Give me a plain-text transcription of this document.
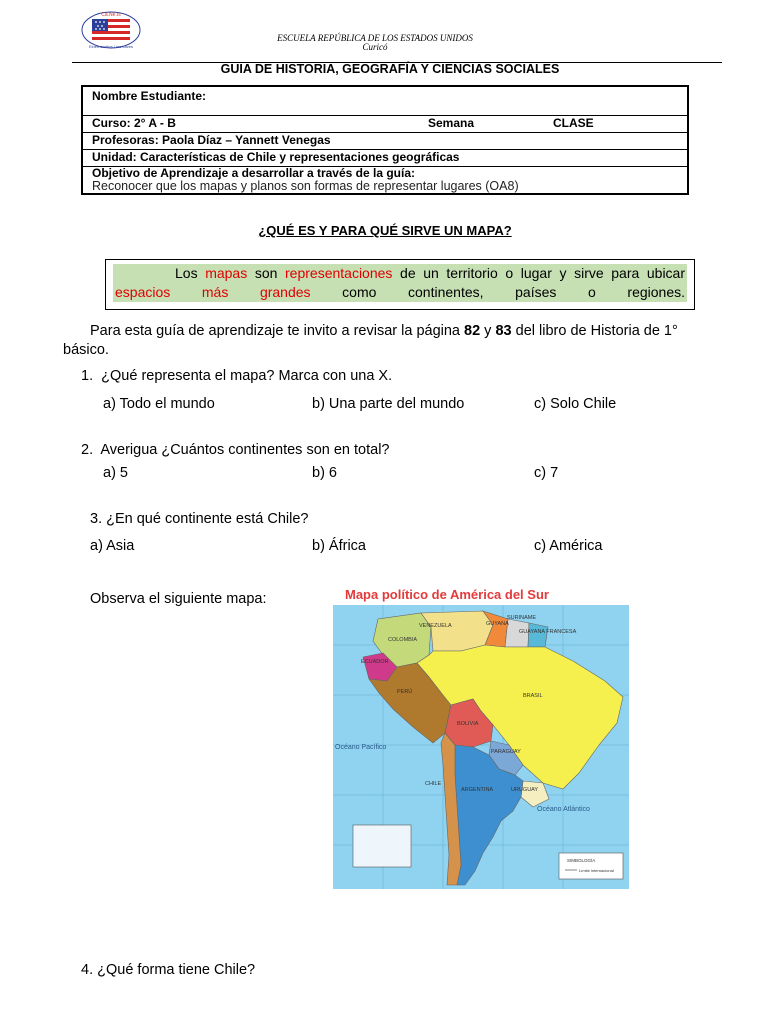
Ca.Ne.Is
Eines sueltos Lies Laves
ESCUELA REPÚBLICA DE LOS ESTADOS UNIDOS
Curicó
GUIA DE HISTORIA, GEOGRAFÍA Y CIENCIAS SOCIALES
Nombre Estudiante:
Curso: 2° A - B	Semana	CLASE
Profesoras: Paola Díaz – Yannett Venegas
Unidad: Características de Chile y representaciones geográficas
Objetivo de Aprendizaje a desarrollar a través de la guía:
Reconocer que los mapas y planos son formas de representar lugares (OA8)
¿QUÉ ES Y PARA QUÉ SIRVE UN MAPA?
Los mapas son representaciones de un territorio o lugar y sirve para ubicar espacios más grandes como continentes, países o regiones.
Para esta guía de aprendizaje te invito a revisar la página 82 y 83 del libro de Historia de 1° básico.
1. ¿Qué representa el mapa? Marca con una X.
a) Todo el mundo	b) Una parte del mundo	c) Solo Chile
2. Averigua ¿Cuántos continentes son en total?
a) 5	b) 6	c) 7
3. ¿En qué continente está Chile?
a) Asia	b) África	c) América
Observa el siguiente mapa:	Mapa político de América del Sur
VENEZUELA
COLOMBIA
GUYANA
SURINAME
GUAYANA FRANCESA
ECUADOR
PERÚ
BRASIL
BOLIVIA
PARAGUAY
CHILE
ARGENTINA	URUGUAY
Océano Pacífico
Océano Atlántico
SIMBOLOGÍA
Límite internacional
4. ¿Qué forma tiene Chile?
